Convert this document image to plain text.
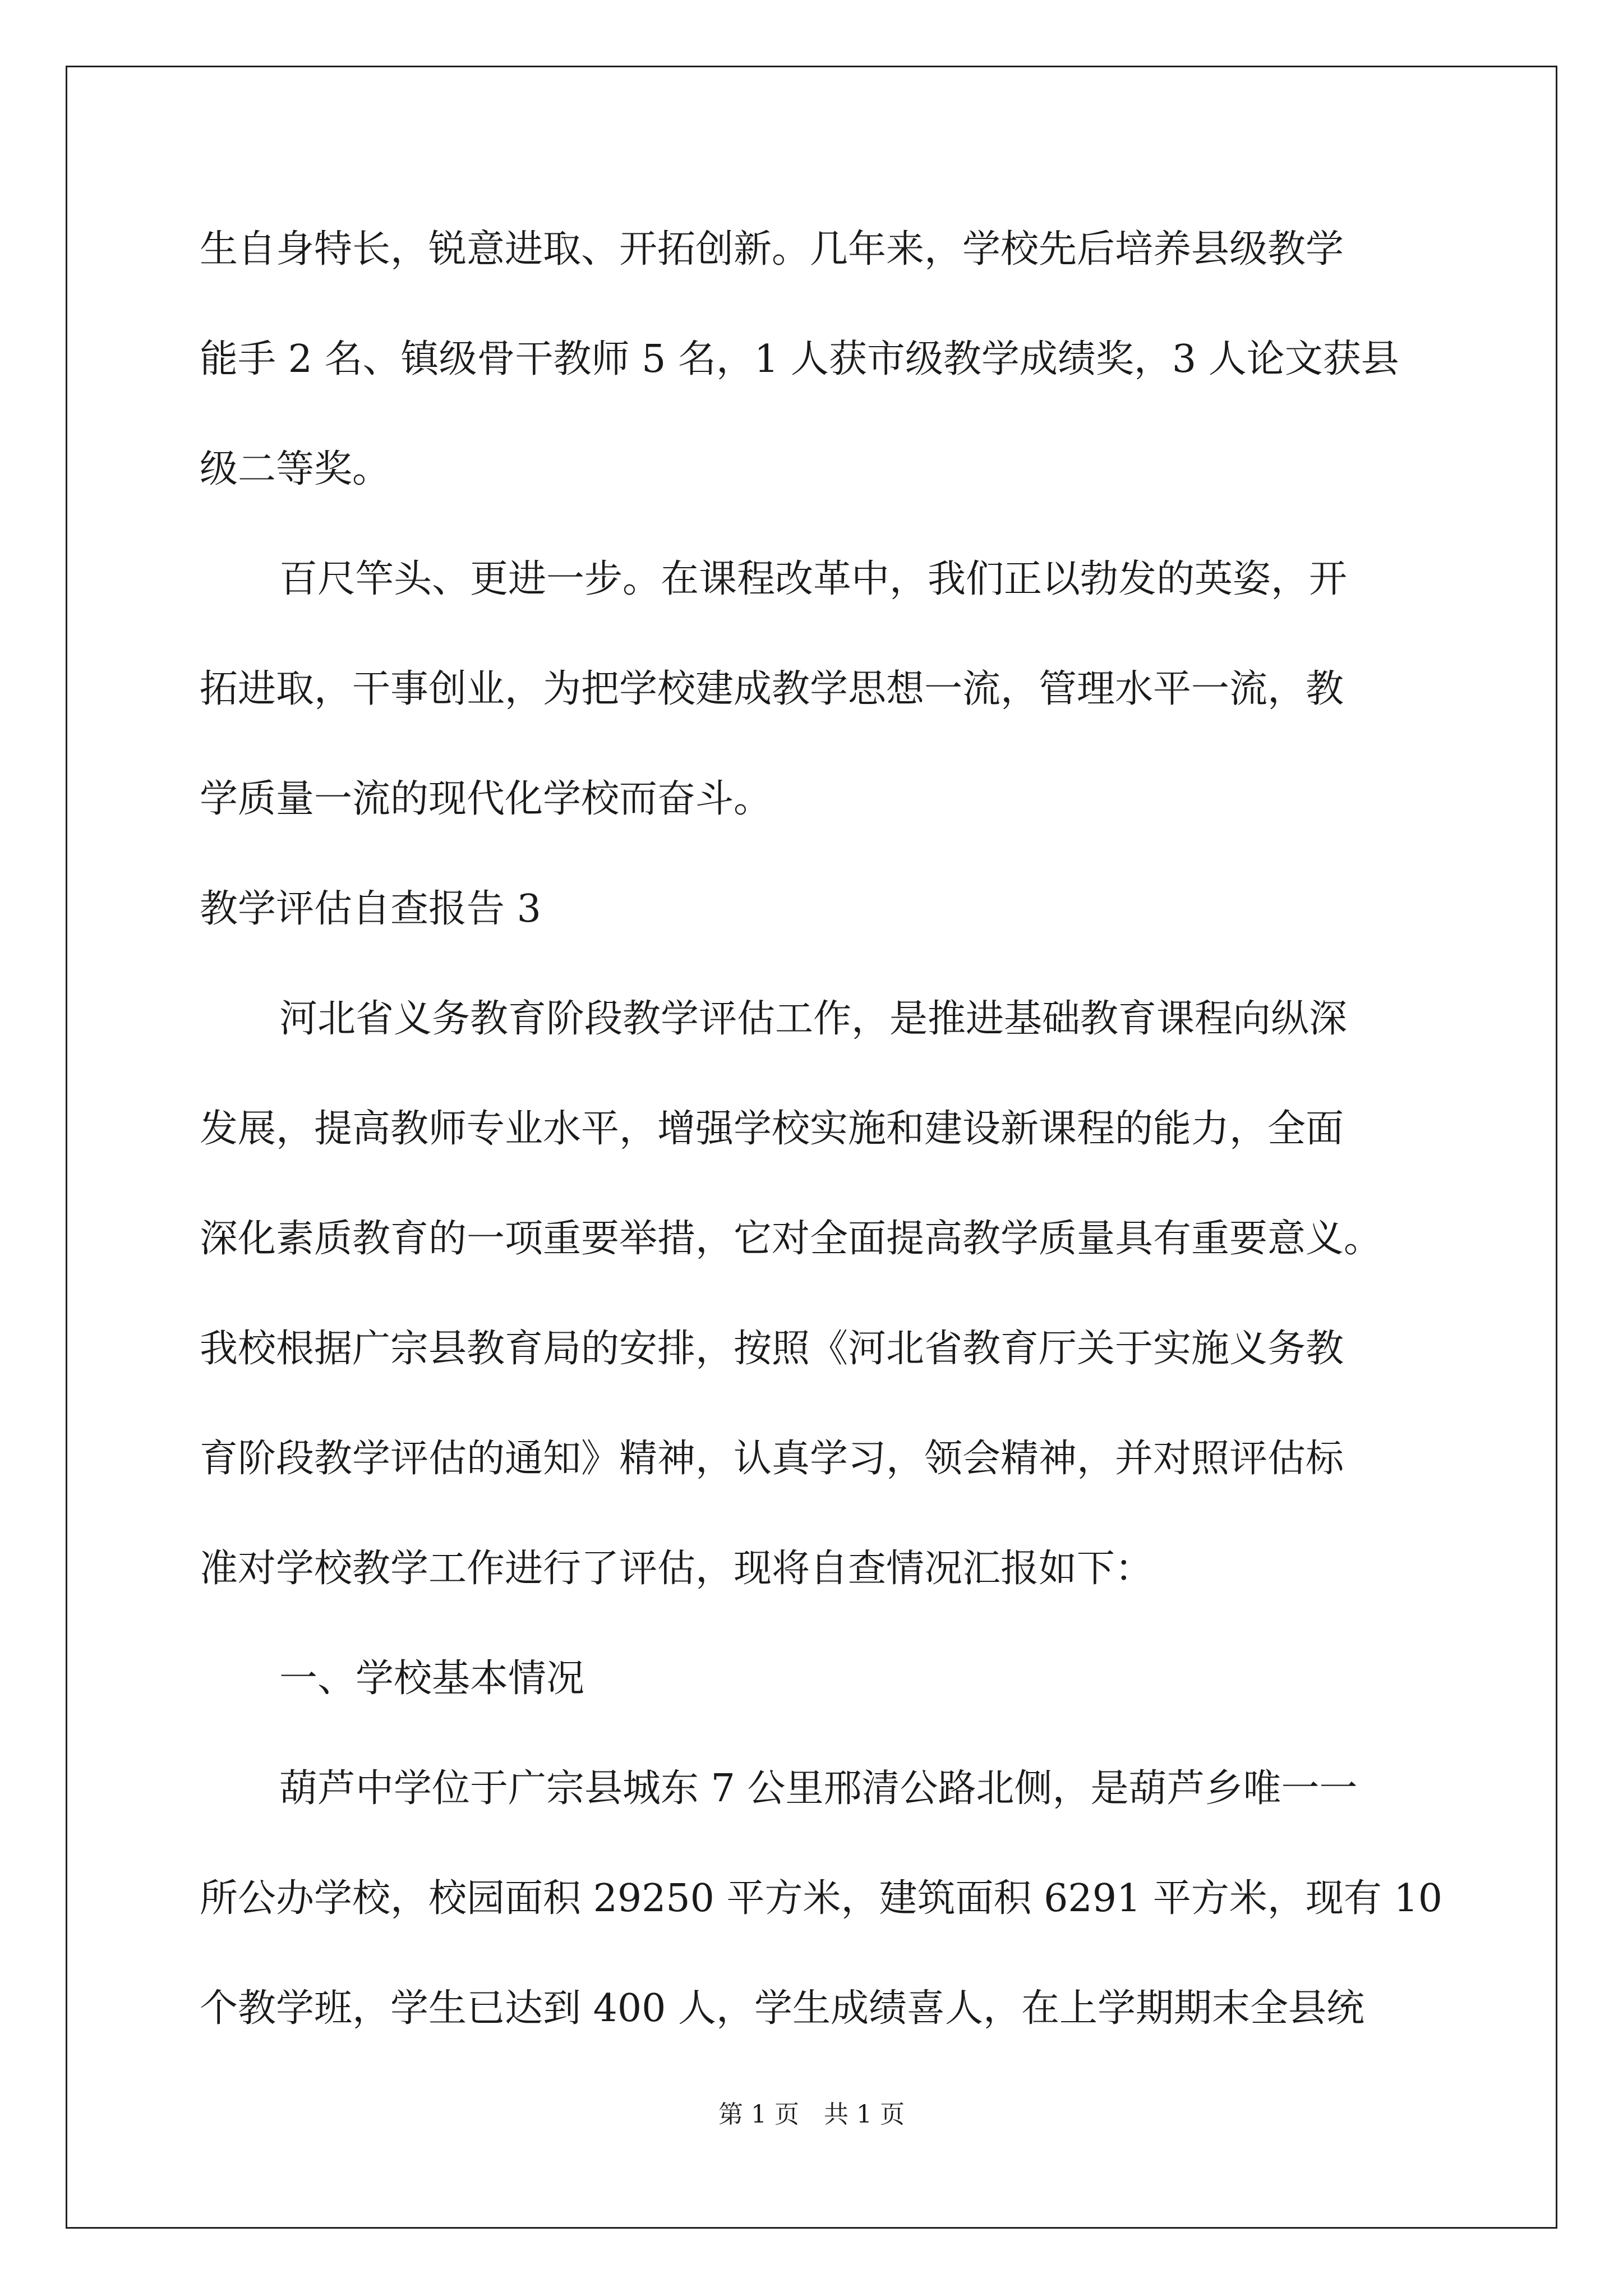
生自身特长，锐意进取、开拓创新。几年来，学校先后培养县级教学
能手 2 名、镇级骨干教师 5 名，1 人获市级教学成绩奖，3 人论文获县
级二等奖。
百尺竿头、更进一步。在课程改革中，我们正以勃发的英姿，开
拓进取，干事创业，为把学校建成教学思想一流，管理水平一流，教
学质量一流的现代化学校而奋斗。
教学评估自查报告 3
河北省义务教育阶段教学评估工作，是推进基础教育课程向纵深
发展，提高教师专业水平，增强学校实施和建设新课程的能力，全面
深化素质教育的一项重要举措，它对全面提高教学质量具有重要意义。
我校根据广宗县教育局的安排，按照《河北省教育厅关于实施义务教
育阶段教学评估的通知》精神，认真学习，领会精神，并对照评估标
准对学校教学工作进行了评估，现将自查情况汇报如下：
一、学校基本情况
葫芦中学位于广宗县城东 7 公里邢清公路北侧，是葫芦乡唯一一
所公办学校，校园面积 29250 平方米，建筑面积 6291 平方米，现有 10
个教学班，学生已达到 400 人，学生成绩喜人，在上学期期末全县统
第 1 页　共 1 页
